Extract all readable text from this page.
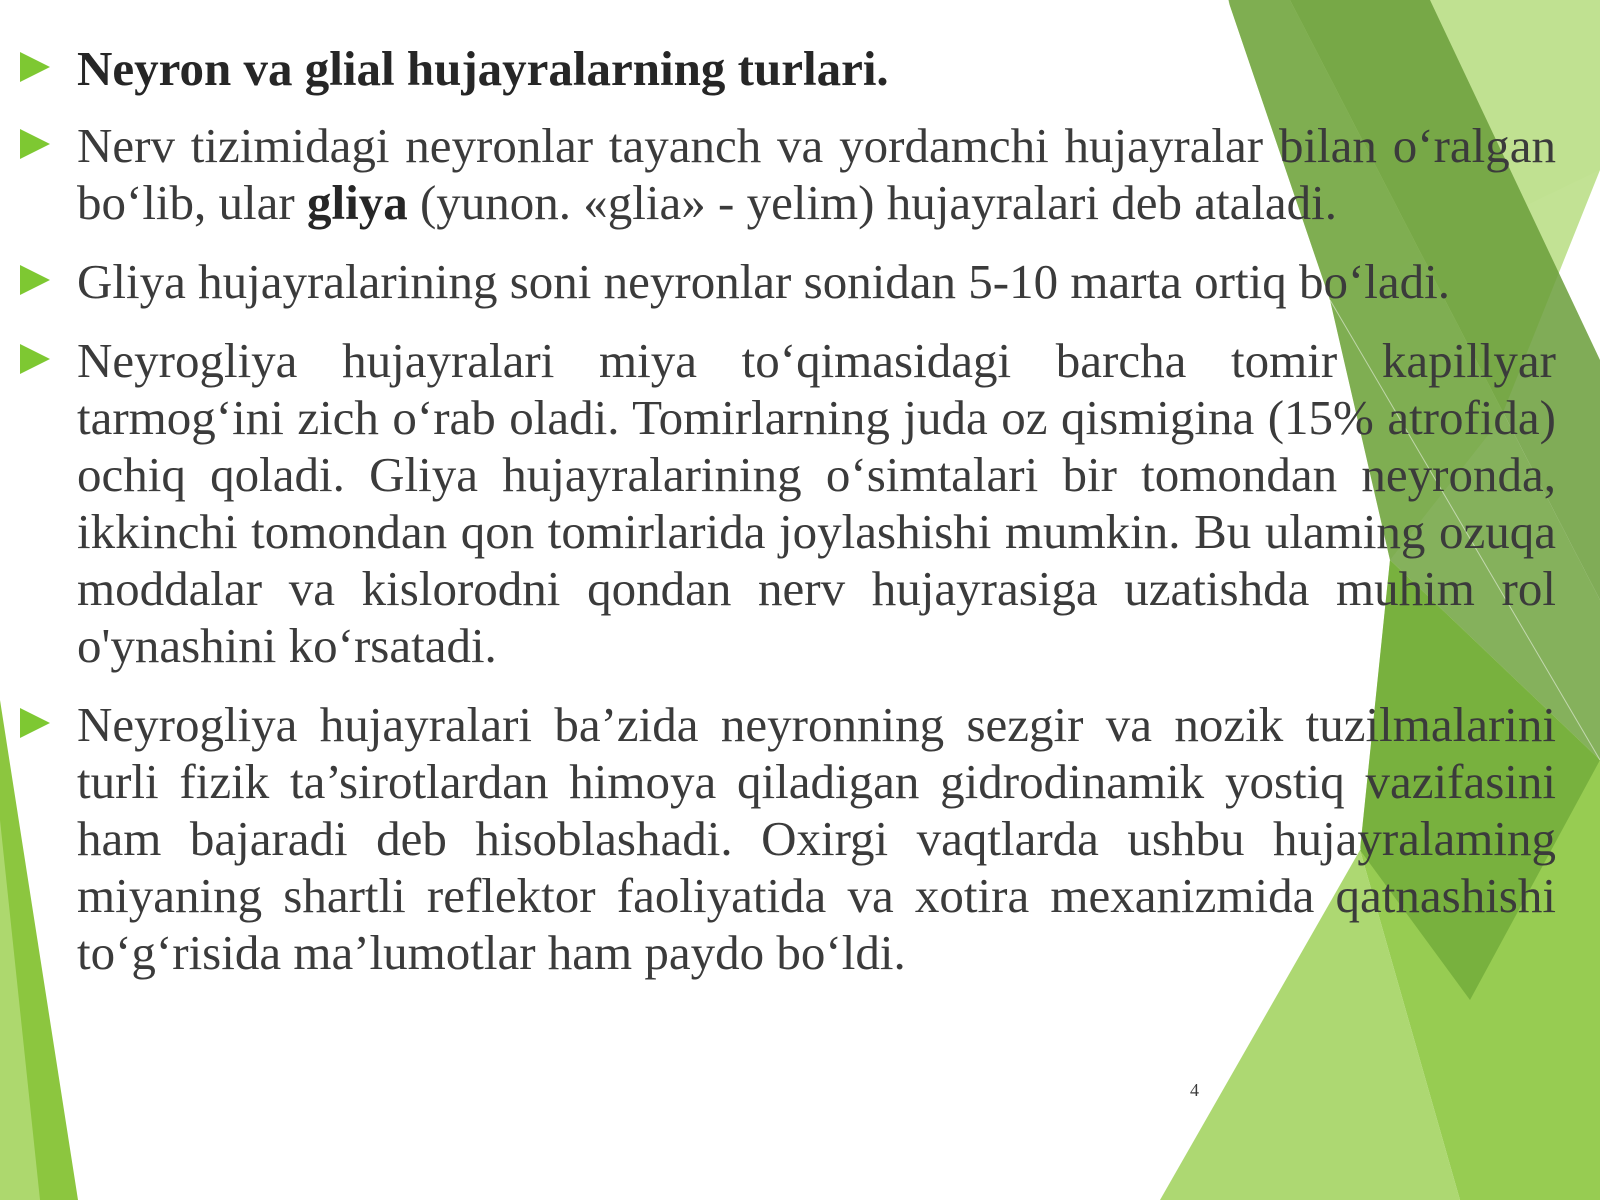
Neyron va glial hujayralarning turlari.
Nerv tizimidagi neyronlar tayanch va yordamchi hujayralar bilan o‘ralgan bo‘lib, ular gliya (yunon. «glia» - yelim) hujayralari deb ataladi.
Gliya hujayralarining soni neyronlar sonidan 5-10 marta ortiq bo‘ladi.
Neyrogliya hujayralari miya to‘qimasidagi barcha tomir kapillyar tarmog‘ini zich o‘rab oladi. Tomirlarning juda oz qismigina (15% atrofida) ochiq qoladi. Gliya hujayralarining o‘simtalari bir tomondan neyronda, ikkinchi tomondan qon tomirlarida joylashishi mumkin. Bu ulaming ozuqa moddalar va kislorodni qondan nerv hujayrasiga uzatishda muhim rol o'ynashini ko‘rsatadi.
Neyrogliya hujayralari ba’zida neyronning sezgir va nozik tuzilmalarini turli fizik ta’sirotlardan himoya qiladigan gidrodinamik yostiq vazifasini ham bajaradi deb hisoblashadi. Oxirgi vaqtlarda ushbu hujayralaming miyaning shartli reflektor faoliyatida va xotira mexanizmida qatnashishi to‘g‘risida ma’lumotlar ham paydo bo‘ldi.
4
